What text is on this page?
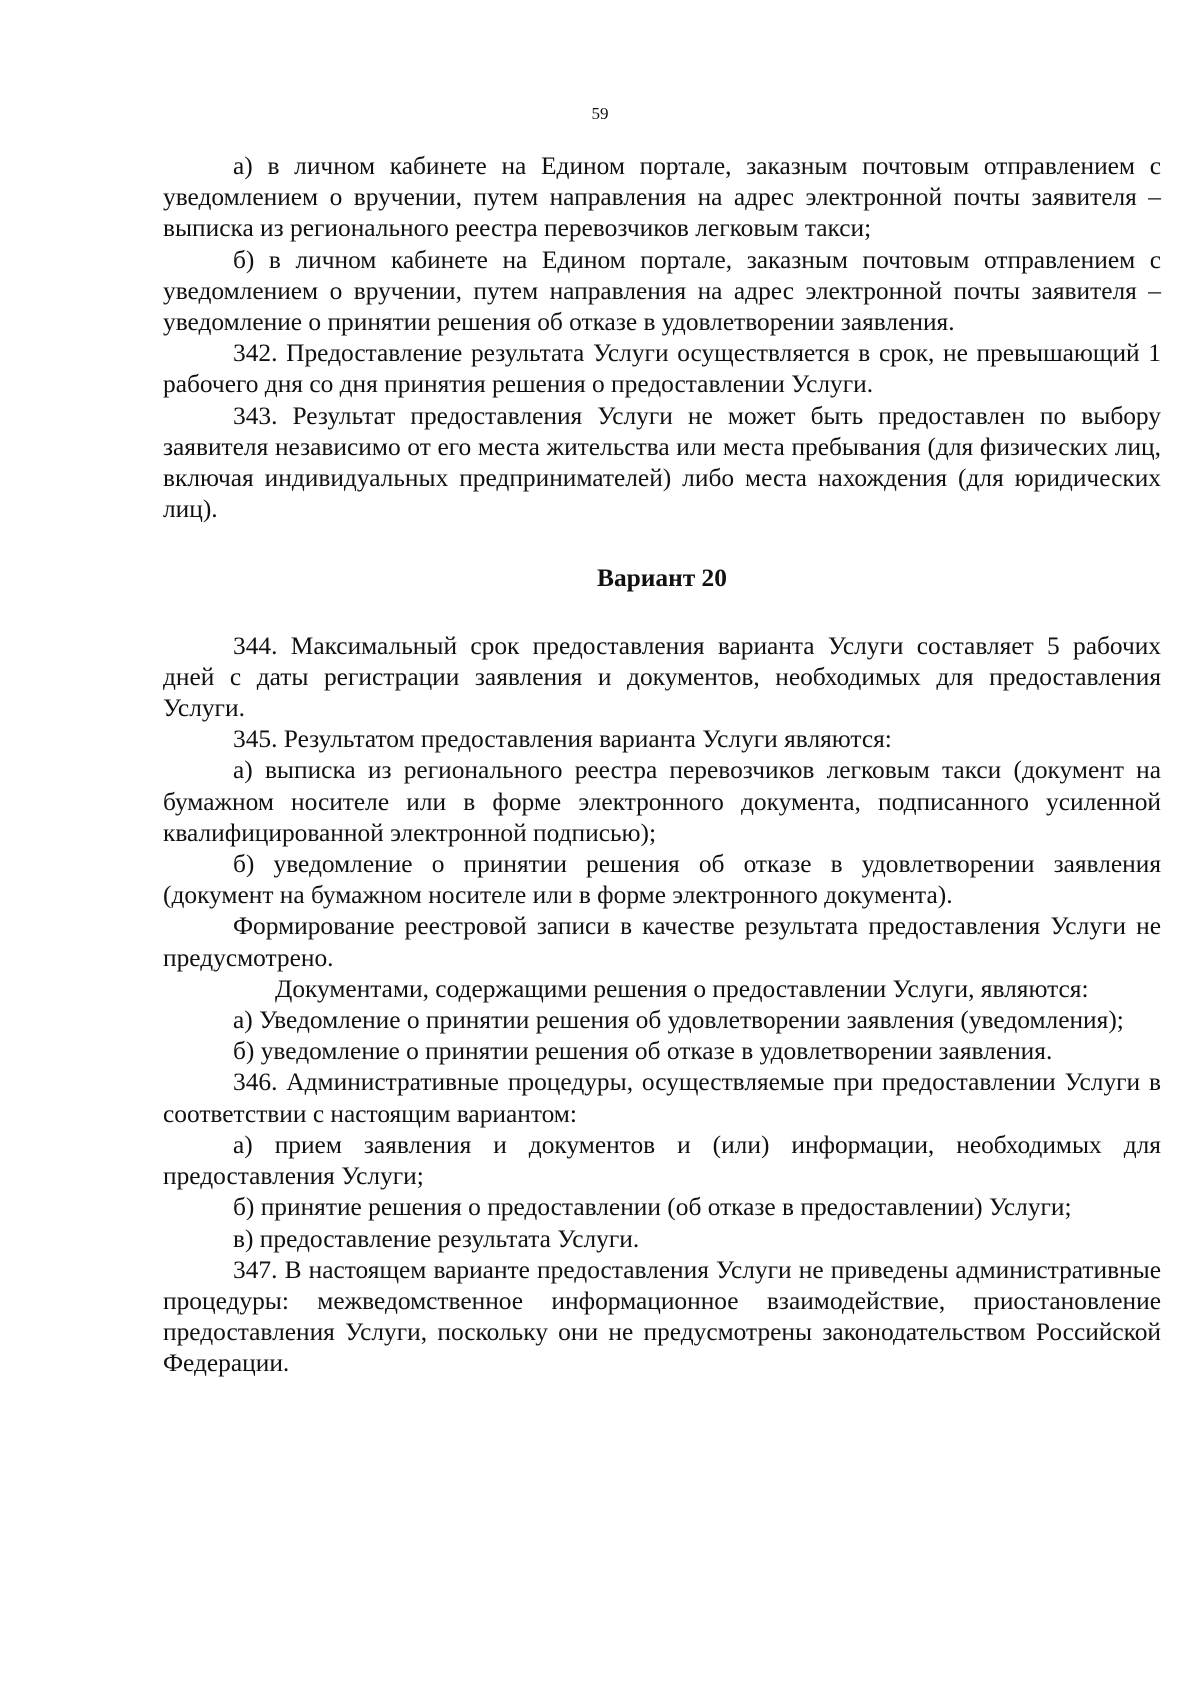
59

а) в личном кабинете на Едином портале, заказным почтовым отправлением с уведомлением о вручении, путем направления на адрес электронной почты заявителя – выписка из регионального реестра перевозчиков легковым такси;

б) в личном кабинете на Едином портале, заказным почтовым отправлением с уведомлением о вручении, путем направления на адрес электронной почты заявителя – уведомление о принятии решения об отказе в удовлетворении заявления.

342. Предоставление результата Услуги осуществляется в срок, не превышающий 1 рабочего дня со дня принятия решения о предоставлении Услуги.

343. Результат предоставления Услуги не может быть предоставлен по выбору заявителя независимо от его места жительства или места пребывания (для физических лиц, включая индивидуальных предпринимателей) либо места нахождения (для юридических лиц).

Вариант 20

344. Максимальный срок предоставления варианта Услуги составляет 5 рабочих дней с даты регистрации заявления и документов, необходимых для предоставления Услуги.

345. Результатом предоставления варианта Услуги являются:

а) выписка из регионального реестра перевозчиков легковым такси (документ на бумажном носителе или в форме электронного документа, подписанного усиленной квалифицированной электронной подписью);

б) уведомление о принятии решения об отказе в удовлетворении заявления (документ на бумажном носителе или в форме электронного документа).

Формирование реестровой записи в качестве результата предоставления Услуги не предусмотрено.

Документами, содержащими решения о предоставлении Услуги, являются:

а) Уведомление о принятии решения об удовлетворении заявления (уведомления);

б) уведомление о принятии решения об отказе в удовлетворении заявления.

346. Административные процедуры, осуществляемые при предоставлении Услуги в соответствии с настоящим вариантом:

а) прием заявления и документов и (или) информации, необходимых для предоставления Услуги;

б) принятие решения о предоставлении (об отказе в предоставлении) Услуги;

в) предоставление результата Услуги.

347. В настоящем варианте предоставления Услуги не приведены административные процедуры: межведомственное информационное взаимодействие, приостановление предоставления Услуги, поскольку они не предусмотрены законодательством Российской Федерации.
